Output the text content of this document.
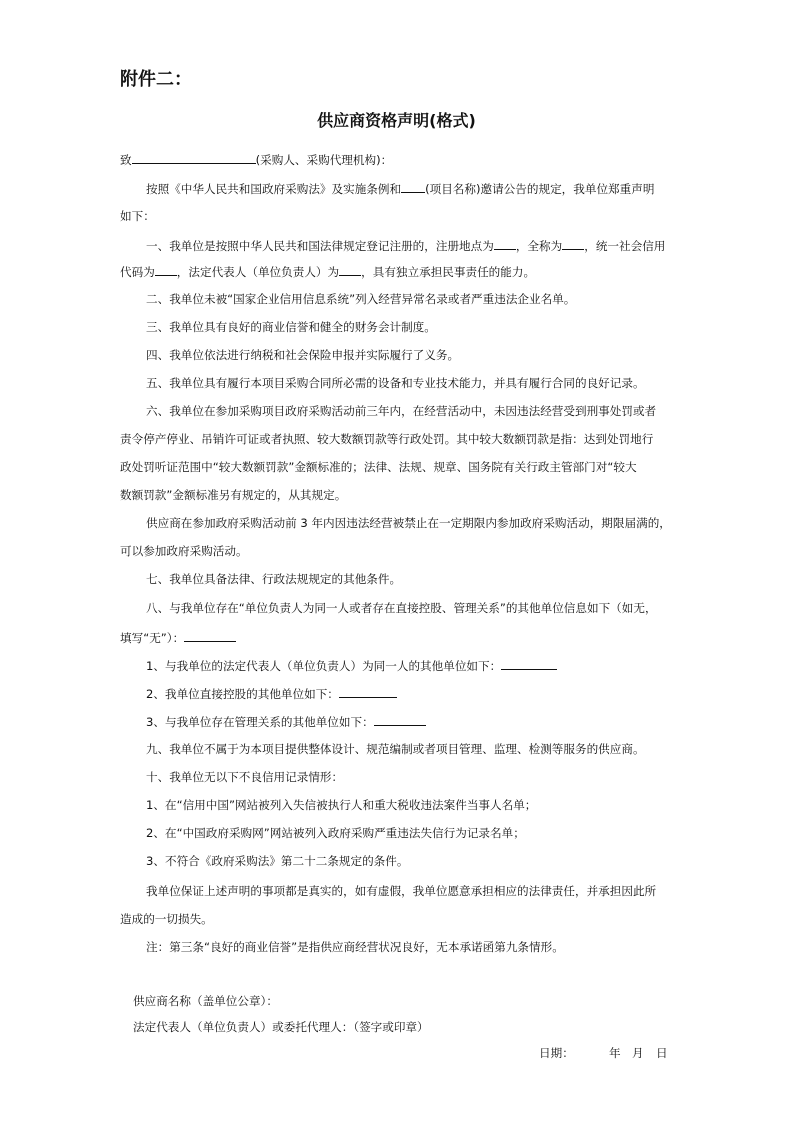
附件二：
供应商资格声明(格式)
致	(采购人、采购代理机构)：
按照《中华人民共和国政府采购法》及实施条例和 (项目名称)邀请公告的规定，我单位郑重声明
如下：
一、我单位是按照中华人民共和国法律规定登记注册的，注册地点为 ，全称为 ，统一社会信用
代码为 ，法定代表人（单位负责人）为 ，具有独立承担民事责任的能力。
二、我单位未被“国家企业信用信息系统”列入经营异常名录或者严重违法企业名单。
三、我单位具有良好的商业信誉和健全的财务会计制度。
四、我单位依法进行纳税和社会保险申报并实际履行了义务。
五、我单位具有履行本项目采购合同所必需的设备和专业技术能力，并具有履行合同的良好记录。
六、我单位在参加采购项目政府采购活动前三年内，在经营活动中，未因违法经营受到刑事处罚或者
责令停产停业、吊销许可证或者执照、较大数额罚款等行政处罚。其中较大数额罚款是指：达到处罚地行
政处罚听证范围中“较大数额罚款”金额标准的；法律、法规、规章、国务院有关行政主管部门对“较大
数额罚款”金额标准另有规定的，从其规定。
供应商在参加政府采购活动前 3 年内因违法经营被禁止在一定期限内参加政府采购活动，期限届满的，
可以参加政府采购活动。
七、我单位具备法律、行政法规规定的其他条件。
八、与我单位存在“单位负责人为同一人或者存在直接控股、管理关系”的其他单位信息如下（如无，
填写“无”）：
1、与我单位的法定代表人（单位负责人）为同一人的其他单位如下：
2、我单位直接控股的其他单位如下：
3、与我单位存在管理关系的其他单位如下：
九、我单位不属于为本项目提供整体设计、规范编制或者项目管理、监理、检测等服务的供应商。
十、我单位无以下不良信用记录情形：
1、在“信用中国”网站被列入失信被执行人和重大税收违法案件当事人名单；
2、在“中国政府采购网”网站被列入政府采购严重违法失信行为记录名单；
3、不符合《政府采购法》第二十二条规定的条件。
我单位保证上述声明的事项都是真实的，如有虚假，我单位愿意承担相应的法律责任，并承担因此所
造成的一切损失。
注：第三条“良好的商业信誉”是指供应商经营状况良好，无本承诺函第九条情形。
供应商名称（盖单位公章）：
法定代表人（单位负责人）或委托代理人：（签字或印章）
日期：	年 月 日
